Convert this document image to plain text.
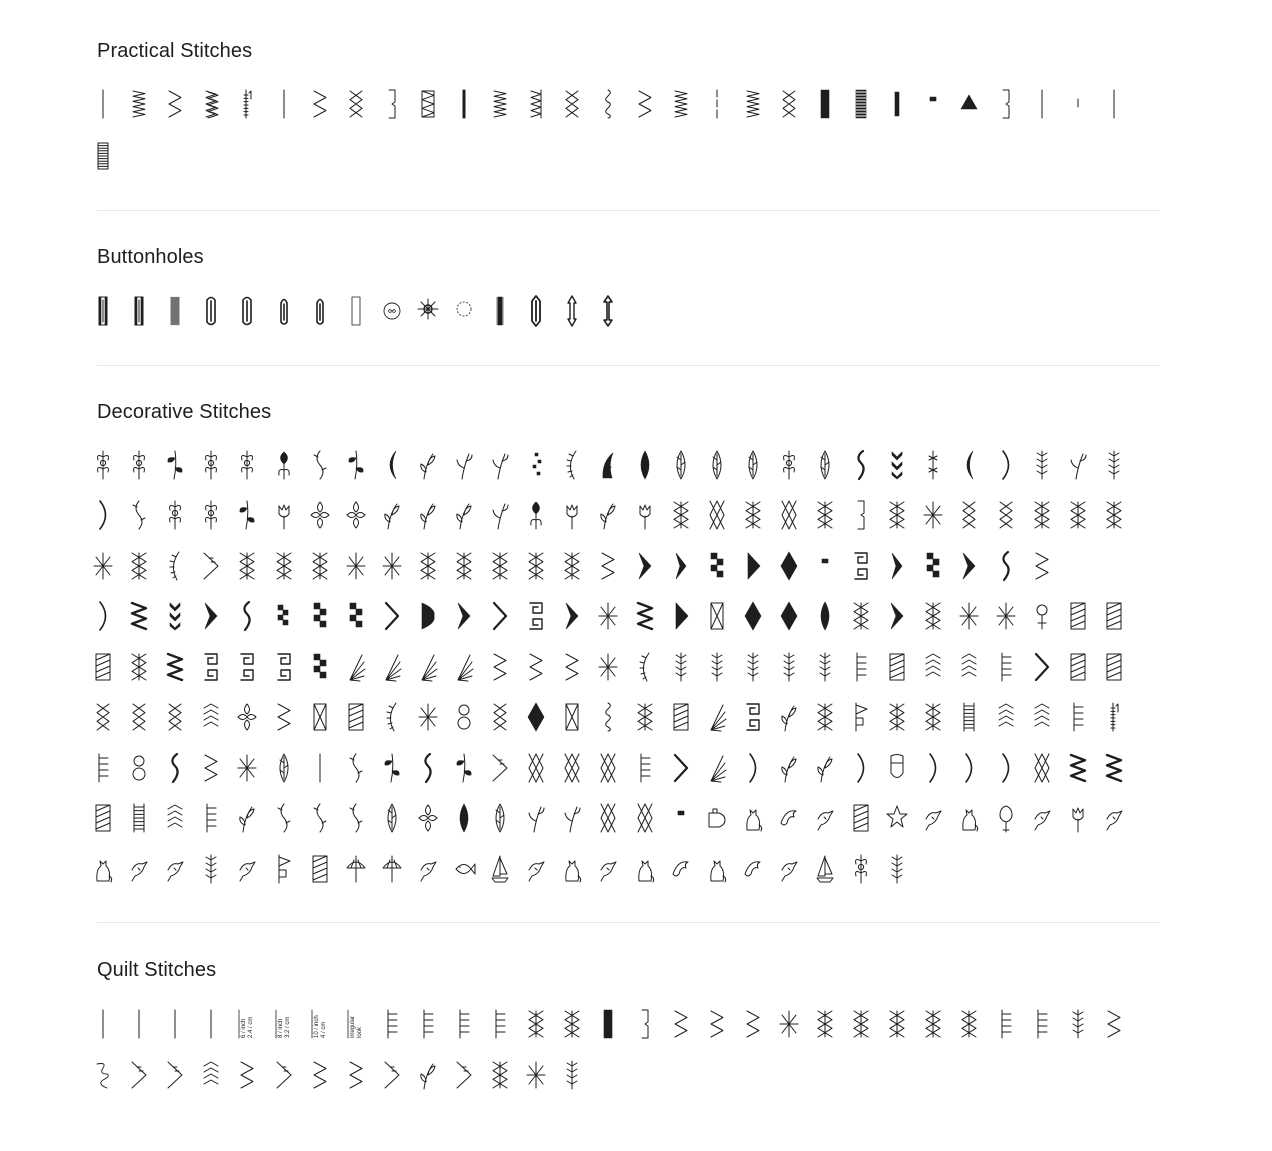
Practical Stitches
Buttonholes
Decorative Stitches
Quilt Stitches
6 / inch 2.4 / cm	8 / inch 3.2 / cm	10 / inch 4 / cm	irregular look
